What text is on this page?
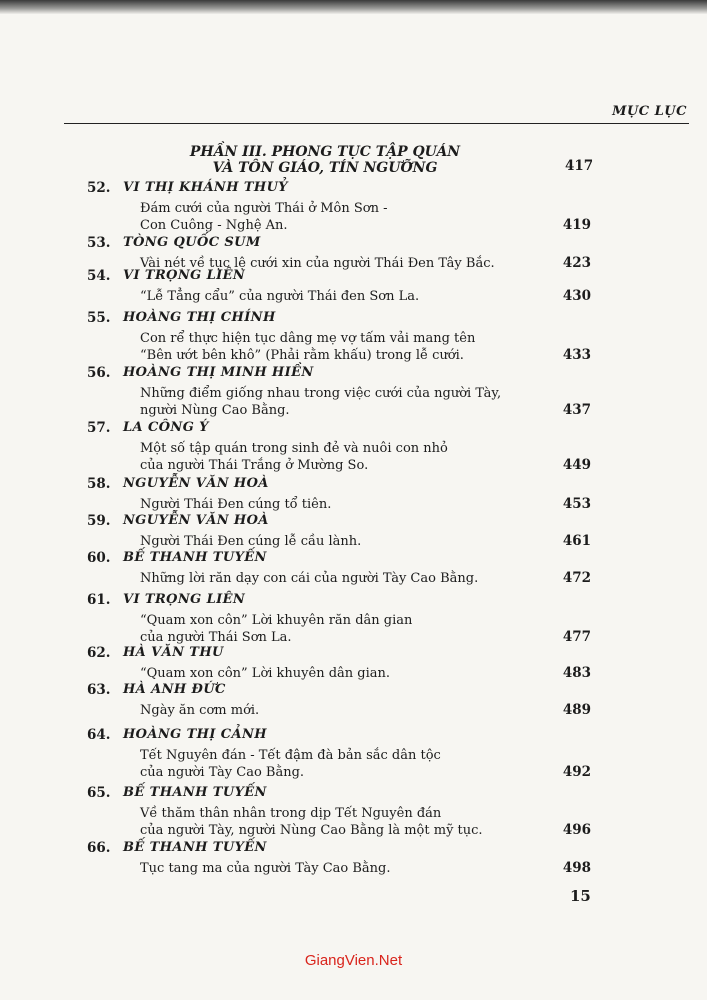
MỤC LỤC
PHẦN III. PHONG TỤC TẬP QUÁN
VÀ TÔN GIÁO, TÍN NGƯỠNG	417
52. VI THỊ KHÁNH THUỶ
Đám cưới của người Thái ở Môn Sơn -
Con Cuông - Nghệ An.	419
53. TÒNG QUỐC SUM
Vài nét về tục lệ cưới xin của người Thái Đen Tây Bắc.	423
54. VI TRỌNG LIÊN
“Lễ Tẳng cẩu” của người Thái đen Sơn La.	430
55. HOÀNG THỊ CHÍNH
Con rể thực hiện tục dâng mẹ vợ tấm vải mang tên
“Bên ướt bên khô” (Phải rằm khấu) trong lễ cưới.	433
56. HOÀNG THỊ MINH HIỀN
Những điểm giống nhau trong việc cưới của người Tày,
người Nùng Cao Bằng.	437
57. LA CÔNG Ý
Một số tập quán trong sinh đẻ và nuôi con nhỏ
của người Thái Trắng ở Mường So.	449
58. NGUYỄN VĂN HOÀ
Người Thái Đen cúng tổ tiên.	453
59. NGUYỄN VĂN HOÀ
Người Thái Đen cúng lễ cầu lành.	461
60. BẾ THANH TUYẾN
Những lời răn dạy con cái của người Tày Cao Bằng.	472
61. VI TRỌNG LIÊN
“Quam xon côn” Lời khuyên răn dân gian
của người Thái Sơn La.	477
62. HÀ VĂN THU
“Quam xon côn” Lời khuyên dân gian.	483
63. HÀ ANH ĐỨC
Ngày ăn cơm mới.	489
64. HOÀNG THỊ CẢNH
Tết Nguyên đán - Tết đậm đà bản sắc dân tộc
của người Tày Cao Bằng.	492
65. BẾ THANH TUYẾN
Về thăm thân nhân trong dịp Tết Nguyên đán
của người Tày, người Nùng Cao Bằng là một mỹ tục.	496
66. BẾ THANH TUYẾN
Tục tang ma của người Tày Cao Bằng.	498
15
GiangVien.Net
